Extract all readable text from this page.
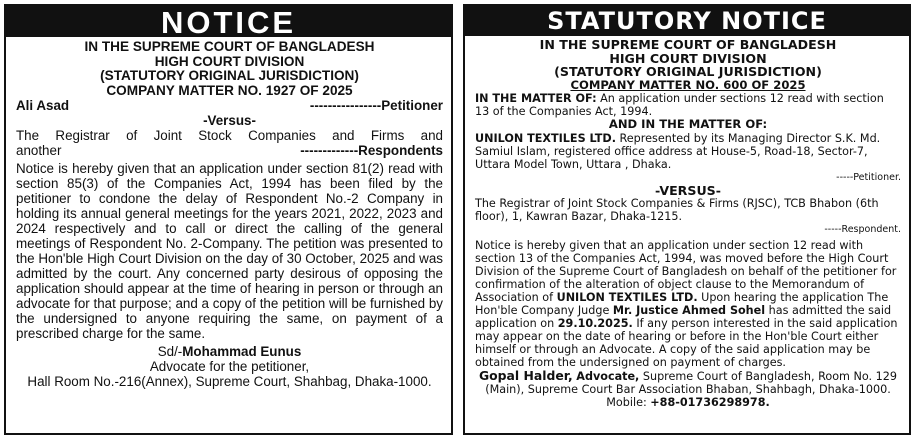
NOTICE
IN THE SUPREME COURT OF BANGLADESH
HIGH COURT DIVISION
(STATUTORY ORIGINAL JURISDICTION)
COMPANY MATTER NO. 1927 OF 2025
Ali Asad	----------------Petitioner
-Versus-
The Registrar of Joint Stock Companies and Firms and
another	-------------Respondents
Notice is hereby given that an application under section 81(2) read with section 85(3) of the Companies Act, 1994 has been filed by the petitioner to condone the delay of Respondent No.-2 Company in holding its annual general meetings for the years 2021, 2022, 2023 and 2024 respectively and to call or direct the calling of the general meetings of Respondent No. 2-Company. The petition was presented to the Hon'ble High Court Division on the day of 30 October, 2025 and was admitted by the court. Any concerned party desirous of opposing the application should appear at the time of hearing in person or through an advocate for that purpose; and a copy of the petition will be furnished by the undersigned to anyone requiring the same, on payment of a prescribed charge for the same.
Sd/-Mohammad Eunus
Advocate for the petitioner,
Hall Room No.-216(Annex), Supreme Court, Shahbag, Dhaka-1000.
STATUTORY NOTICE
IN THE SUPREME COURT OF BANGLADESH
HIGH COURT DIVISION
(STATUTORY ORIGINAL JURISDICTION)
COMPANY MATTER NO. 600 OF 2025
IN THE MATTER OF: An application under sections 12 read with section 13 of the Companies Act, 1994.
AND IN THE MATTER OF:
UNILON TEXTILES LTD. Represented by its Managing Director S.K. Md. Samiul Islam, registered office address at House-5, Road-18, Sector-7, Uttara Model Town, Uttara , Dhaka.
-----Petitioner.
-VERSUS-
The Registrar of Joint Stock Companies & Firms (RJSC), TCB Bhabon (6th floor), 1, Kawran Bazar, Dhaka-1215.
-----Respondent.
Notice is hereby given that an application under section 12 read with section 13 of the Companies Act, 1994, was moved before the High Court Division of the Supreme Court of Bangladesh on behalf of the petitioner for confirmation of the alteration of object clause to the Memorandum of Association of UNILON TEXTILES LTD. Upon hearing the application The Hon'ble Company Judge Mr. Justice Ahmed Sohel has admitted the said application on 29.10.2025. If any person interested in the said application may appear on the date of hearing or before in the Hon'ble Court either himself or through an Advocate. A copy of the said application may be obtained from the undersigned on payment of charges.
Gopal Halder, Advocate, Supreme Court of Bangladesh, Room No. 129 (Main), Supreme Court Bar Association Bhaban, Shahbagh, Dhaka-1000. Mobile: +88-01736298978.
